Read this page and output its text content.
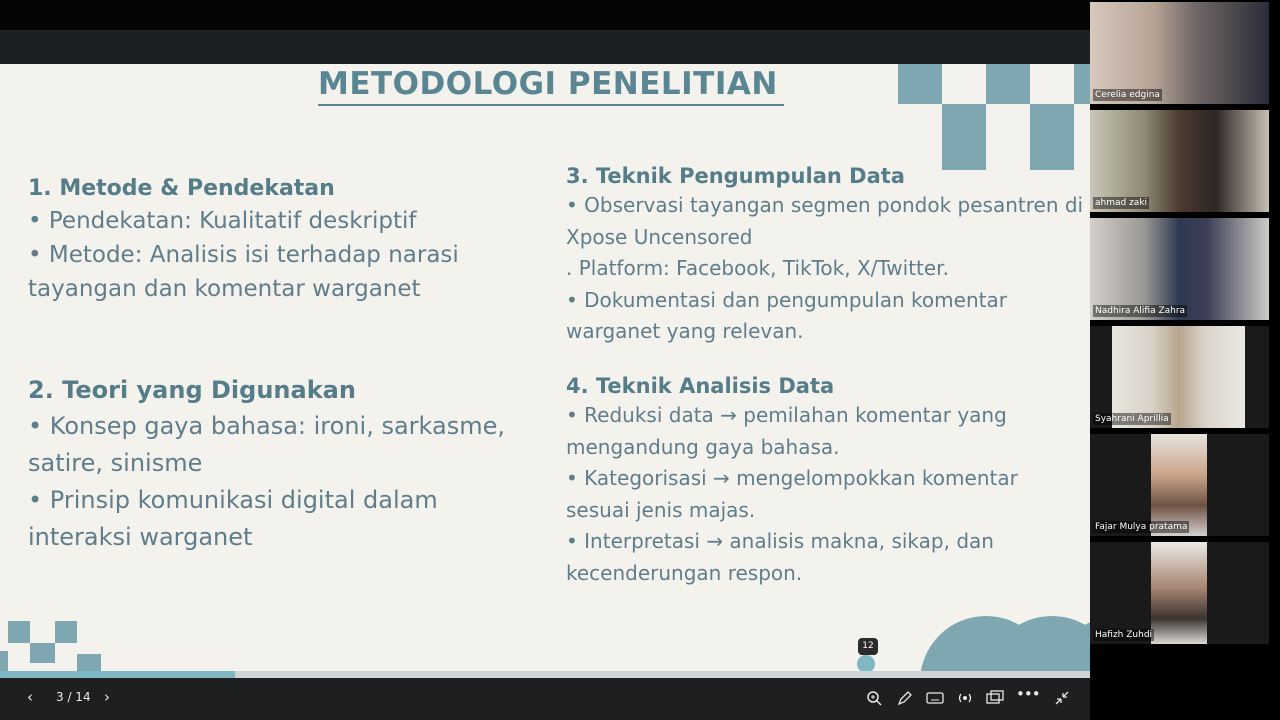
METODOLOGI PENELITIAN
1. Metode & Pendekatan

• Pendekatan: Kualitatif deskriptif

• Metode: Analisis isi terhadap narasi tayangan dan komentar warganet

2. Teori yang Digunakan

• Konsep gaya bahasa: ironi, sarkasme, satire, sinisme

• Prinsip komunikasi digital dalam interaksi warganet

3. Teknik Pengumpulan Data

• Observasi tayangan segmen pondok pesantren di Xpose Uncensored

. Platform: Facebook, TikTok, X/Twitter.

• Dokumentasi dan pengumpulan komentar warganet yang relevan.

4. Teknik Analisis Data

• Reduksi data → pemilahan komentar yang mengandung gaya bahasa.

• Kategorisasi → mengelompokkan komentar sesuai jenis majas.

• Interpretasi → analisis makna, sikap, dan kecenderungan respon.

12
‹ 3 / 14 ›	•••
Cerelia edgina
ahmad zaki
Nadhira Alifia Zahra
Syahrani Aprillia
Fajar Mulya pratama
Hafizh Zuhdi
